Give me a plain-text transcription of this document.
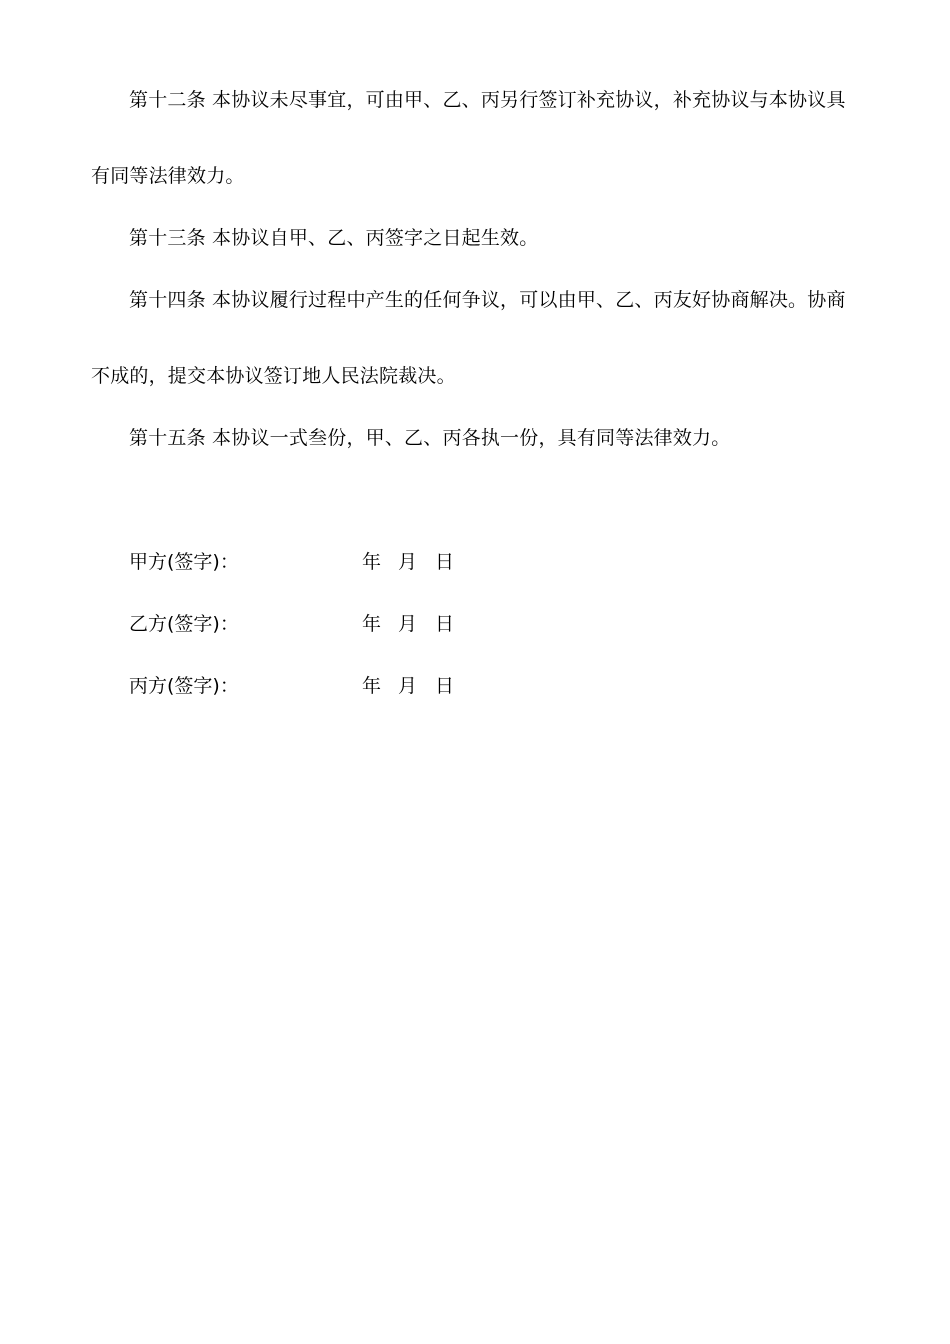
第十二条 本协议未尽事宜，可由甲、乙、丙另行签订补充协议，补充协议与本协议具有同等法律效力。

第十三条 本协议自甲、乙、丙签字之日起生效。

第十四条 本协议履行过程中产生的任何争议，可以由甲、乙、丙友好协商解决。协商不成的，提交本协议签订地人民法院裁决。

第十五条 本协议一式叁份，甲、乙、丙各执一份，具有同等法律效力。

甲方(签字)：	年 月 日
乙方(签字)：	年 月 日
丙方(签字)：	年 月 日
